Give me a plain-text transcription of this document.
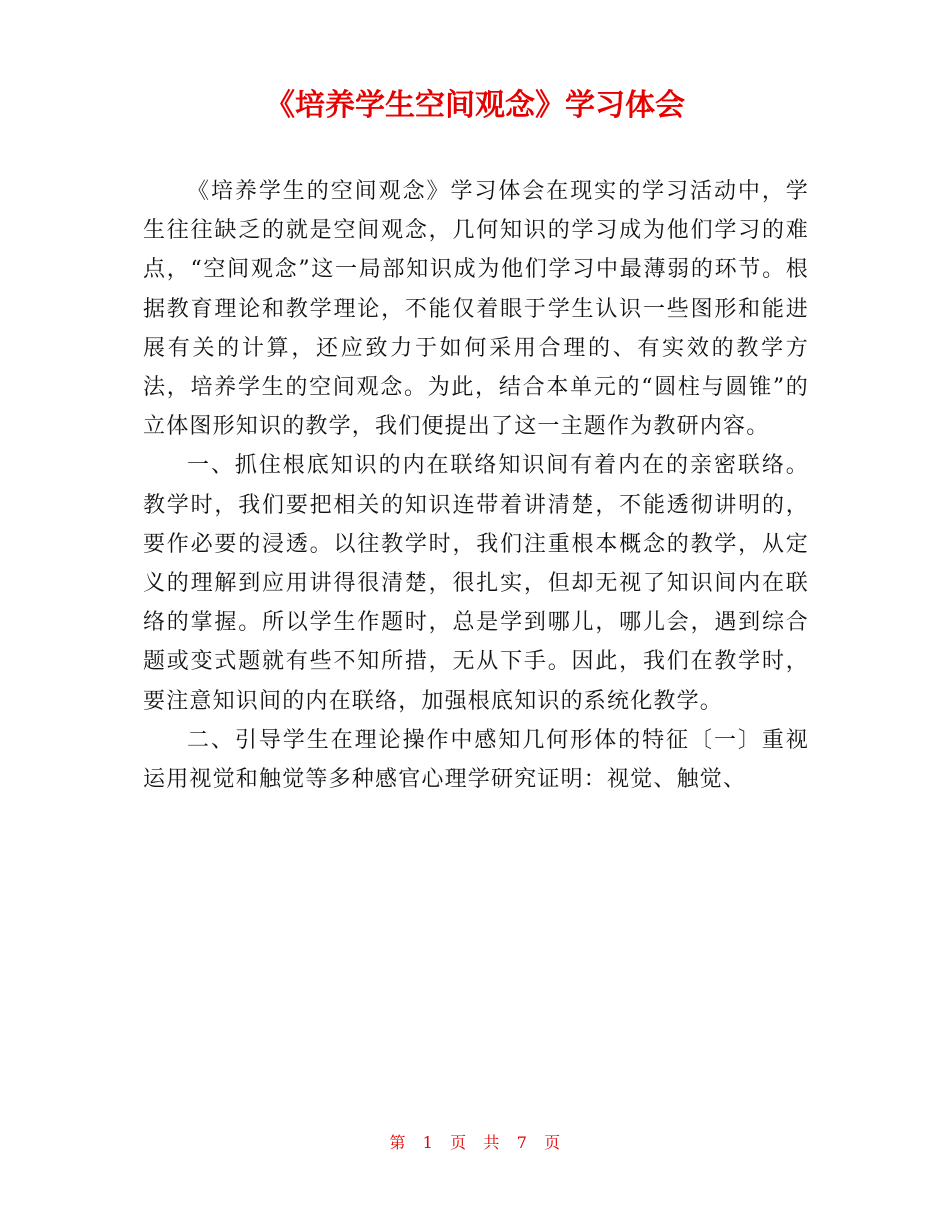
《培养学生空间观念》学习体会

《培养学生的空间观念》学习体会在现实的学习活动中，学生往往缺乏的就是空间观念，几何知识的学习成为他们学习的难点，“空间观念”这一局部知识成为他们学习中最薄弱的环节。根据教育理论和教学理论，不能仅着眼于学生认识一些图形和能进展有关的计算，还应致力于如何采用合理的、有实效的教学方法，培养学生的空间观念。为此，结合本单元的“圆柱与圆锥”的立体图形知识的教学，我们便提出了这一主题作为教研内容。

一、抓住根底知识的内在联络知识间有着内在的亲密联络。教学时，我们要把相关的知识连带着讲清楚，不能透彻讲明的，要作必要的浸透。以往教学时，我们注重根本概念的教学，从定义的理解到应用讲得很清楚，很扎实，但却无视了知识间内在联络的掌握。所以学生作题时，总是学到哪儿，哪儿会，遇到综合题或变式题就有些不知所措，无从下手。因此，我们在教学时，要注意知识间的内在联络，加强根底知识的系统化教学。

二、引导学生在理论操作中感知几何形体的特征〔一〕重视运用视觉和触觉等多种感官心理学研究证明：视觉、触觉、

第 1 页 共 7 页
